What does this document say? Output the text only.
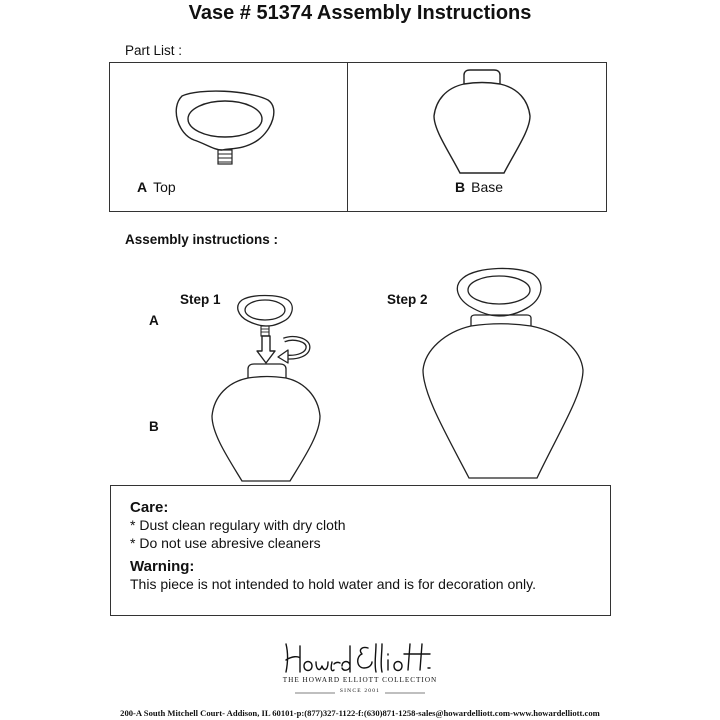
Vase # 51374 Assembly Instructions
Part List :
A Top	B Base
Assembly instructions :
Step 1	Step 2
A
B
Care:
* Dust clean regulary with dry cloth
* Do not use abresive cleaners
Warning:
This piece is not intended to hold water and is for decoration only.
THE HOWARD ELLIOTT COLLECTION
SINCE 2001
200-A South Mitchell Court- Addison, IL 60101-p:(877)327-1122-f:(630)871-1258-sales@howardelliott.com-www.howardelliott.com
